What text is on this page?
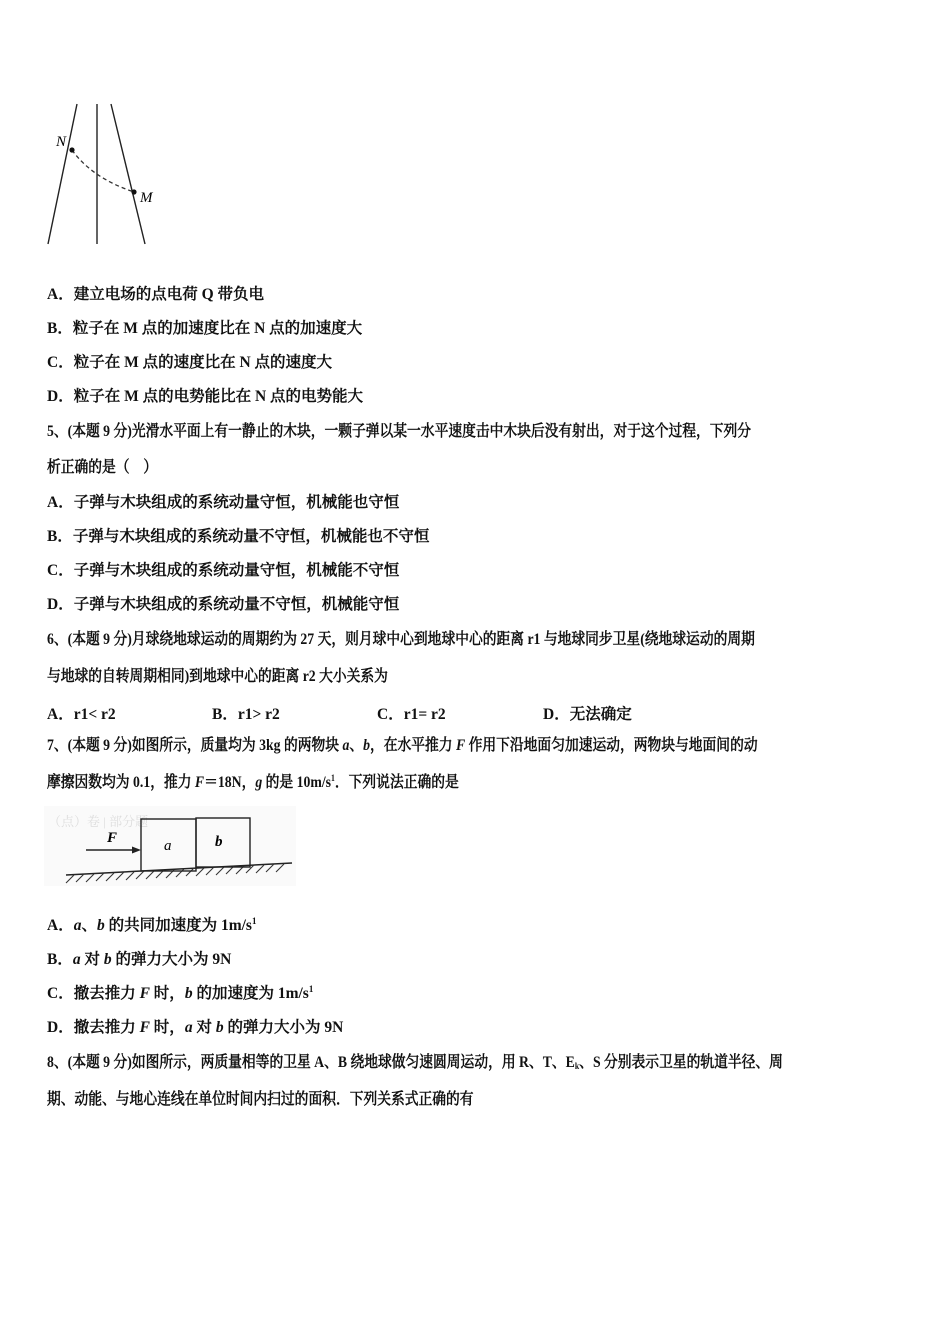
N
M
A．建立电场的点电荷 Q 带负电
B．粒子在 M 点的加速度比在 N 点的加速度大
C．粒子在 M 点的速度比在 N 点的速度大
D．粒子在 M 点的电势能比在 N 点的电势能大
5、(本题 9 分)光滑水平面上有一静止的木块，一颗子弹以某一水平速度击中木块后没有射出，对于这个过程，下列分
析正确的是（　）
A．子弹与木块组成的系统动量守恒，机械能也守恒
B．子弹与木块组成的系统动量不守恒，机械能也不守恒
C．子弹与木块组成的系统动量守恒，机械能不守恒
D．子弹与木块组成的系统动量不守恒，机械能守恒
6、(本题 9 分)月球绕地球运动的周期约为 27 天，则月球中心到地球中心的距离 r1 与地球同步卫星(绕地球运动的周期
与地球的自转周期相同)到地球中心的距离 r2 大小关系为
A．r1< r2	B．r1> r2	C．r1= r2	D．无法确定
7、(本题 9 分)如图所示，质量均为 3kg 的两物块 a、b，在水平推力 F 作用下沿地面匀加速运动，两物块与地面间的动
摩擦因数均为 0.1，推力 F＝18N，g 的是 $10m/s^1$．下列说法正确的是
（点）卷 | 部分题
F	a	b
A．a、b 的共同加速度为 $1m/s^1$
B．a 对 b 的弹力大小为 9N
C．撤去推力 F 时，b 的加速度为 $1m/s^1$
D．撤去推力 F 时，a 对 b 的弹力大小为 9N
8、(本题 9 分)如图所示，两质量相等的卫星 A、B 绕地球做匀速圆周运动，用 R、T、$E_k$、S 分别表示卫星的轨道半径、周
期、动能、与地心连线在单位时间内扫过的面积．下列关系式正确的有
